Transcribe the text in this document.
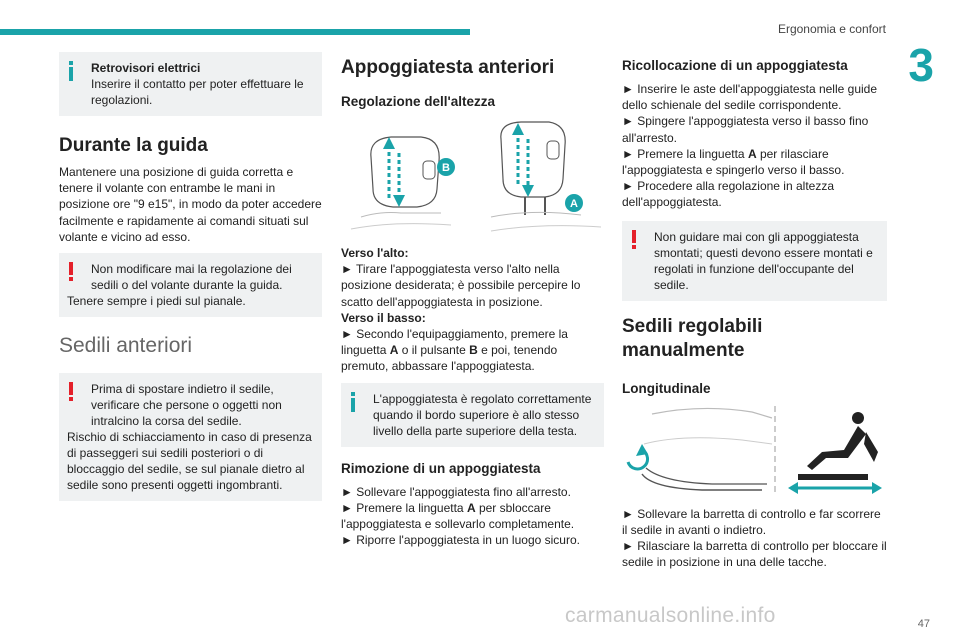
Ergonomia e confort
3
Retrovisori elettrici
Inserire il contatto per poter effettuare le regolazioni.
Durante la guida

Mantenere una posizione di guida corretta e tenere il volante con entrambe le mani in posizione ore "9 e15", in modo da poter accedere facilmente e rapidamente ai comandi situati sul volante e vicino ad esso.

Non modificare mai la regolazione dei sedili o del volante durante la guida.
Tenere sempre i piedi sul pianale.
Sedili anteriori
Prima di spostare indietro il sedile, verificare che persone o oggetti non intralcino la corsa del sedile.
Rischio di schiacciamento in caso di presenza di passeggeri sui sedili posteriori o di bloccaggio del sedile, se sul pianale dietro al sedile sono presenti oggetti ingombranti.
Appoggiatesta anteriori
Regolazione dell'altezza
B
A

Verso l'alto:

► Tirare l'appoggiatesta verso l'alto nella posizione desiderata; è possibile percepire lo scatto dell'appoggiatesta in posizione.

Verso il basso:

► Secondo l'equipaggiamento, premere la linguetta A o il pulsante B e poi, tenendo premuto, abbassare l'appoggiatesta.

L'appoggiatesta è regolato correttamente quando il bordo superiore è allo stesso livello della parte superiore della testa.
Rimozione di un appoggiatesta

► Sollevare l'appoggiatesta fino all'arresto.

► Premere la linguetta A per sbloccare l'appoggiatesta e sollevarlo completamente.

► Riporre l'appoggiatesta in un luogo sicuro.

Ricollocazione di un appoggiatesta

► Inserire le aste dell'appoggiatesta nelle guide dello schienale del sedile corrispondente.

► Spingere l'appoggiatesta verso il basso fino all'arresto.

► Premere la linguetta A per rilasciare l'appoggiatesta e spingerlo verso il basso.

► Procedere alla regolazione in altezza dell'appoggiatesta.

Non guidare mai con gli appoggiatesta smontati; questi devono essere montati e regolati in funzione dell'occupante del sedile.
Sedili regolabili manualmente
Longitudinale

► Sollevare la barretta di controllo e far scorrere il sedile in avanti o indietro.

► Rilasciare la barretta di controllo per bloccare il sedile in posizione in una delle tacche.

carmanualsonline.info	47
